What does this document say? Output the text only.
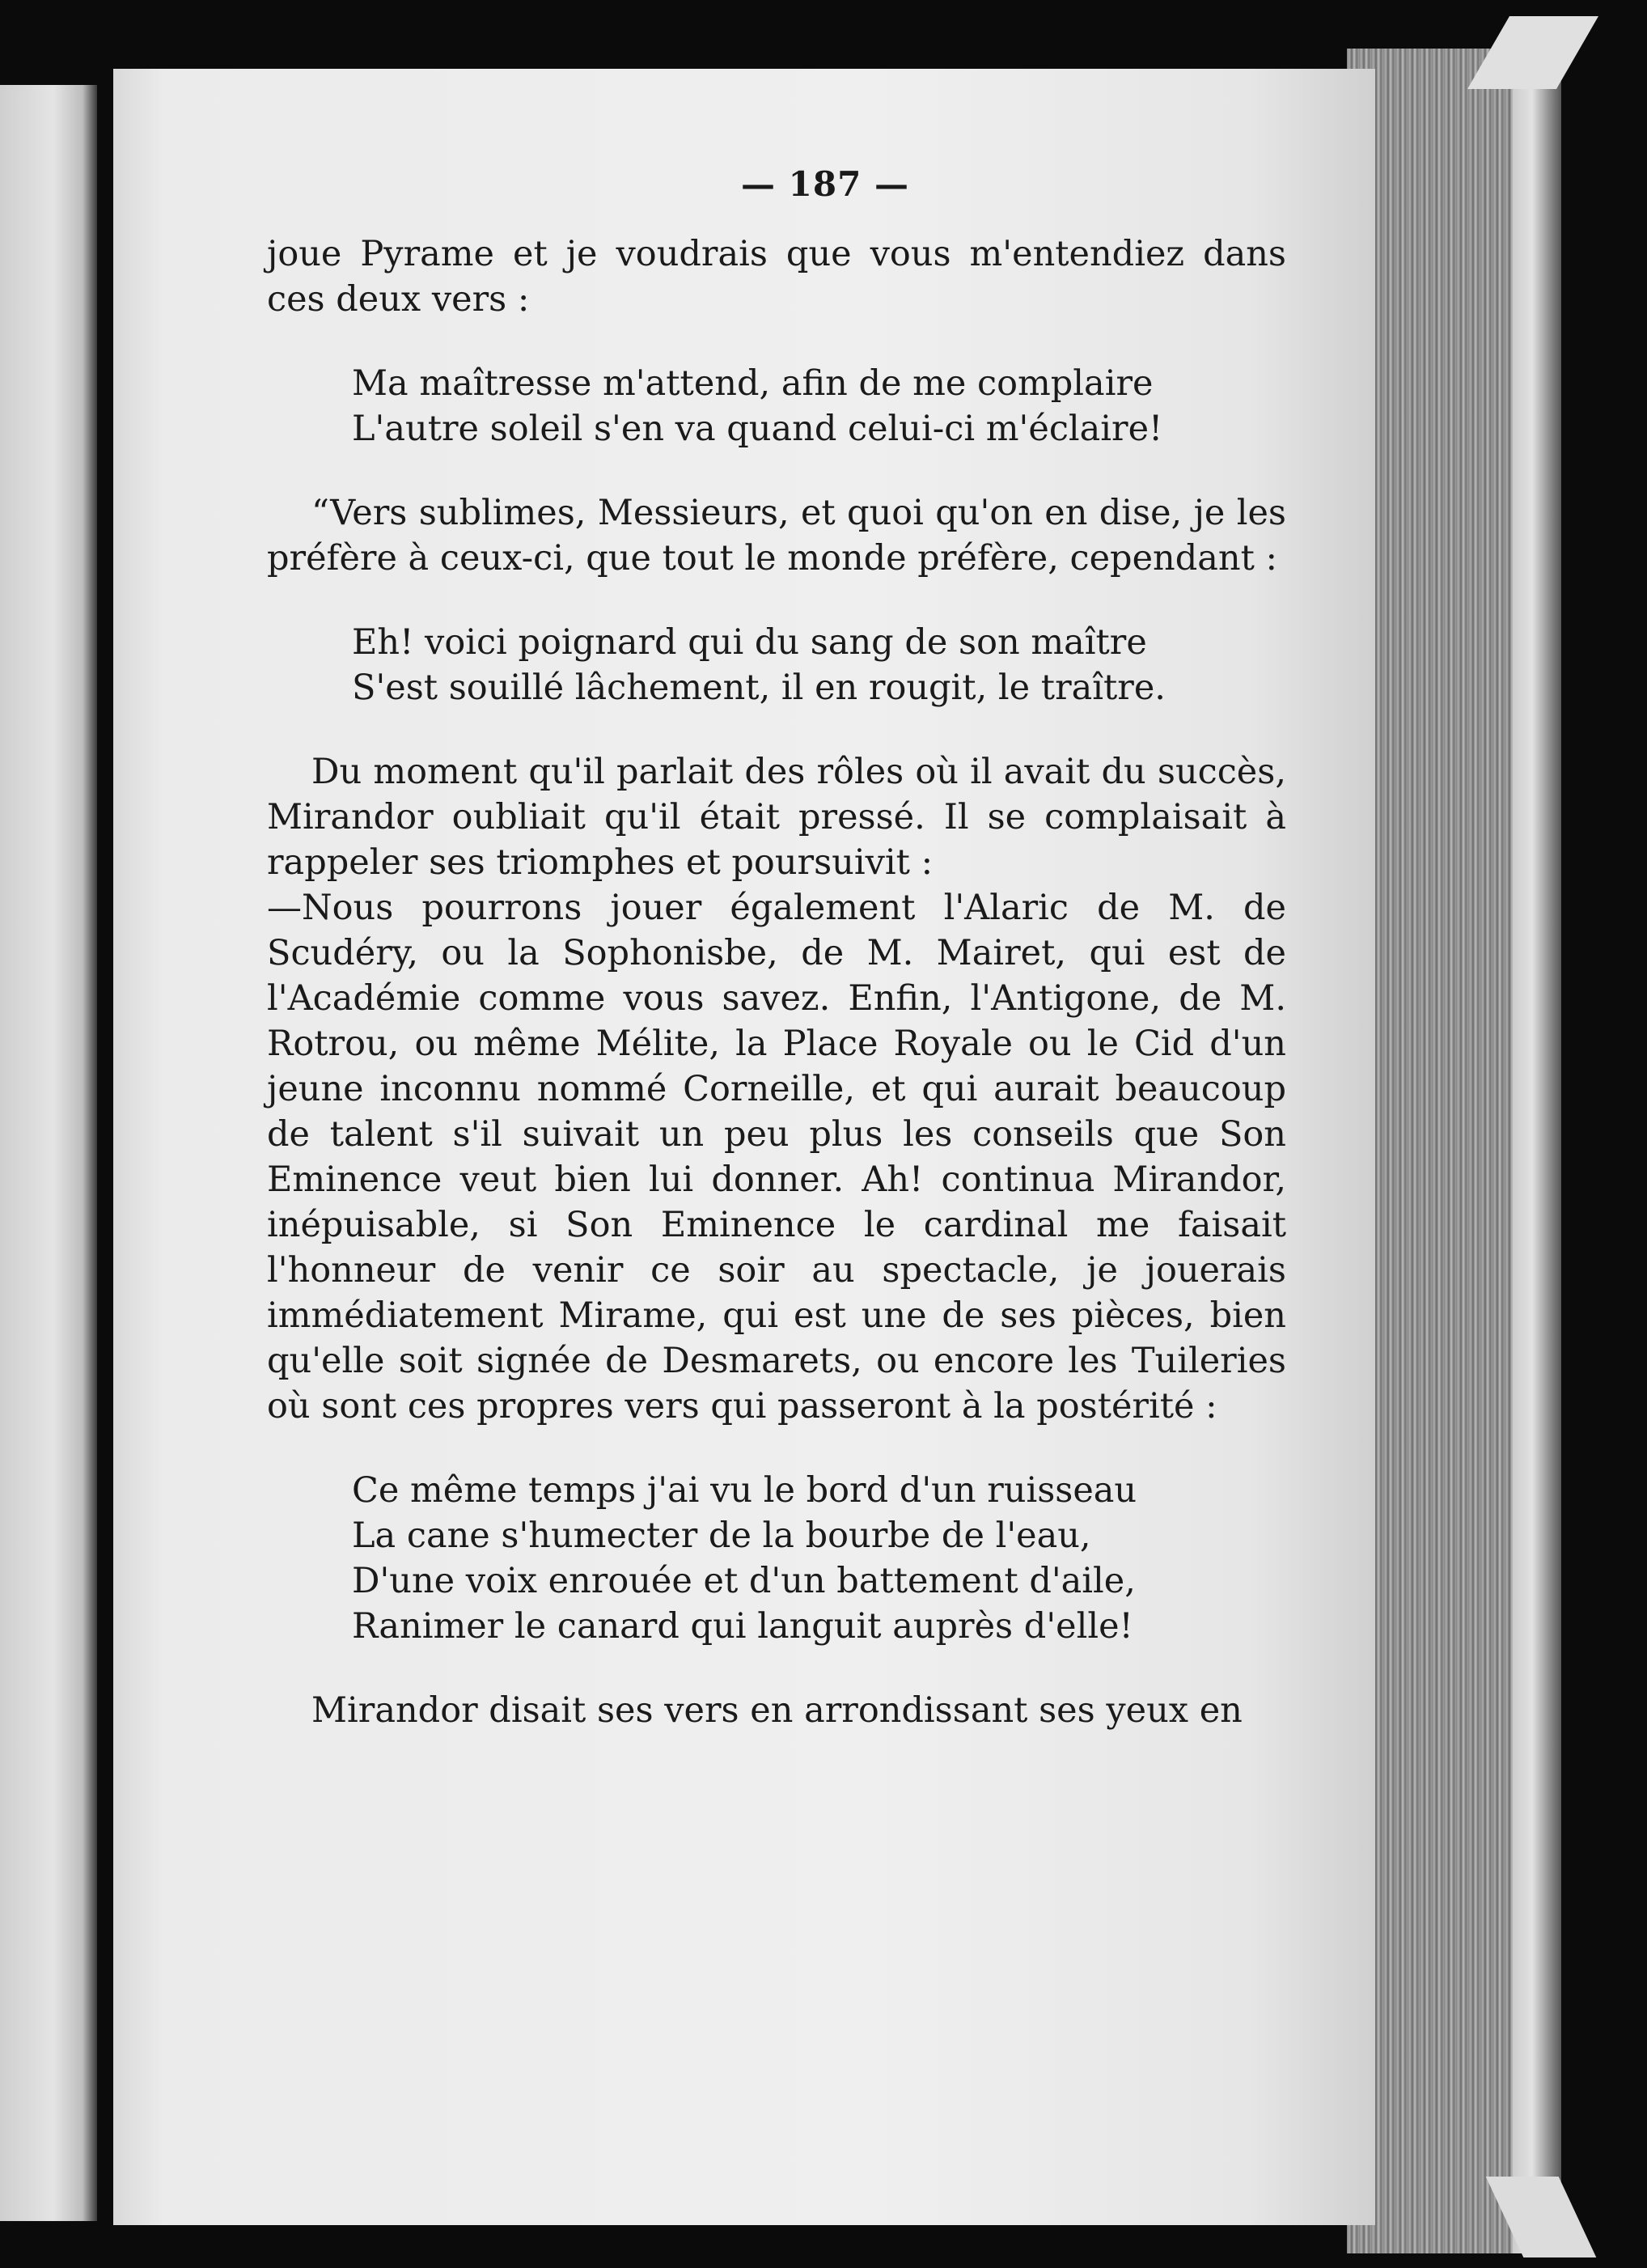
— 187 —

joue Pyrame et je voudrais que vous m'entendiez dans ces deux vers :

Ma maîtresse m'attend, afin de me complaire
L'autre soleil s'en va quand celui-ci m'éclaire!

“Vers sublimes, Messieurs, et quoi qu'on en dise, je les préfère à ceux-ci, que tout le monde préfère, cependant :

Eh! voici poignard qui du sang de son maître
S'est souillé lâchement, il en rougit, le traître.

Du moment qu'il parlait des rôles où il avait du succès, Mirandor oubliait qu'il était pressé. Il se complaisait à rappeler ses triomphes et poursuivit :

—Nous pourrons jouer également l'Alaric de M. de Scudéry, ou la Sophonisbe, de M. Mairet, qui est de l'Académie comme vous savez. Enfin, l'Antigone, de M. Rotrou, ou même Mélite, la Place Royale ou le Cid d'un jeune inconnu nommé Corneille, et qui aurait beaucoup de talent s'il suivait un peu plus les conseils que Son Eminence veut bien lui donner. Ah! continua Mirandor, inépuisable, si Son Eminence le cardinal me faisait l'honneur de venir ce soir au spectacle, je jouerais immédiatement Mirame, qui est une de ses pièces, bien qu'elle soit signée de Desmarets, ou encore les Tuileries où sont ces propres vers qui passeront à la postérité :

Ce même temps j'ai vu le bord d'un ruisseau
La cane s'humecter de la bourbe de l'eau,
D'une voix enrouée et d'un battement d'aile,
Ranimer le canard qui languit auprès d'elle!

Mirandor disait ses vers en arrondissant ses yeux en
